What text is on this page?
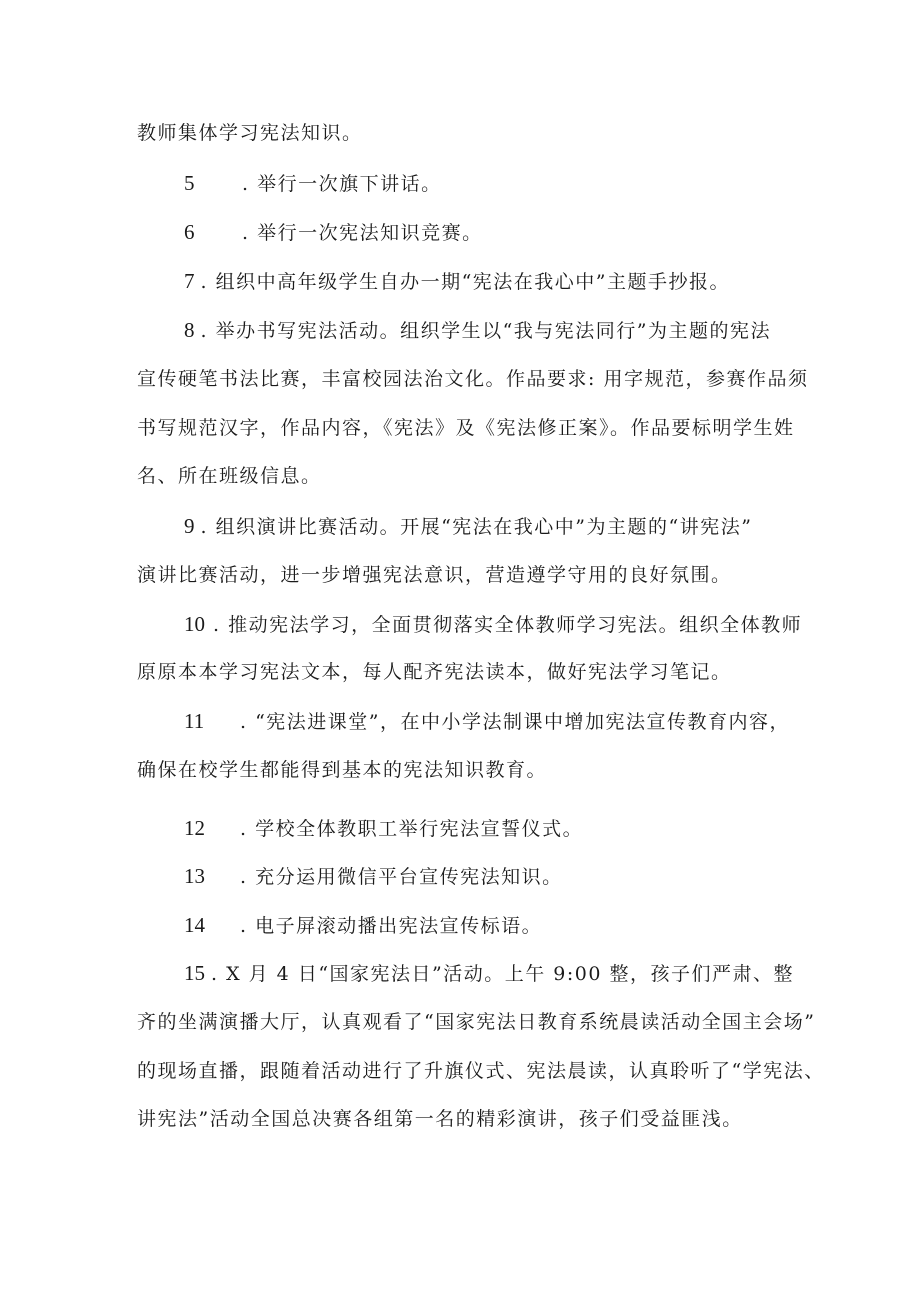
教师集体学习宪法知识。
5	. 举行一次旗下讲话。
6	. 举行一次宪法知识竞赛。
7 . 组织中高年级学生自办一期“宪法在我心中”主题手抄报。
8 . 举办书写宪法活动。组织学生以“我与宪法同行”为主题的宪法
宣传硬笔书法比赛，丰富校园法治文化。作品要求: 用字规范，参赛作品须
书写规范汉字，作品内容，《宪法》及《宪法修正案》。作品要标明学生姓
名、所在班级信息。
9 . 组织演讲比赛活动。开展“宪法在我心中”为主题的“讲宪法”
演讲比赛活动，进一步增强宪法意识，营造遵学守用的良好氛围。
10 . 推动宪法学习，全面贯彻落实全体教师学习宪法。组织全体教师
原原本本学习宪法文本，每人配齐宪法读本，做好宪法学习笔记。
11 . “宪法进课堂”，在中小学法制课中增加宪法宣传教育内容，
确保在校学生都能得到基本的宪法知识教育。
12 . 学校全体教职工举行宪法宣誓仪式。
13 . 充分运用微信平台宣传宪法知识。
14 . 电子屏滚动播出宪法宣传标语。
15 . X 月 4 日“国家宪法日”活动。上午 9:00 整，孩子们严肃、整
齐的坐满演播大厅，认真观看了“国家宪法日教育系统晨读活动全国主会场”
的现场直播，跟随着活动进行了升旗仪式、宪法晨读，认真聆听了“学宪法、
讲宪法”活动全国总决赛各组第一名的精彩演讲，孩子们受益匪浅。
